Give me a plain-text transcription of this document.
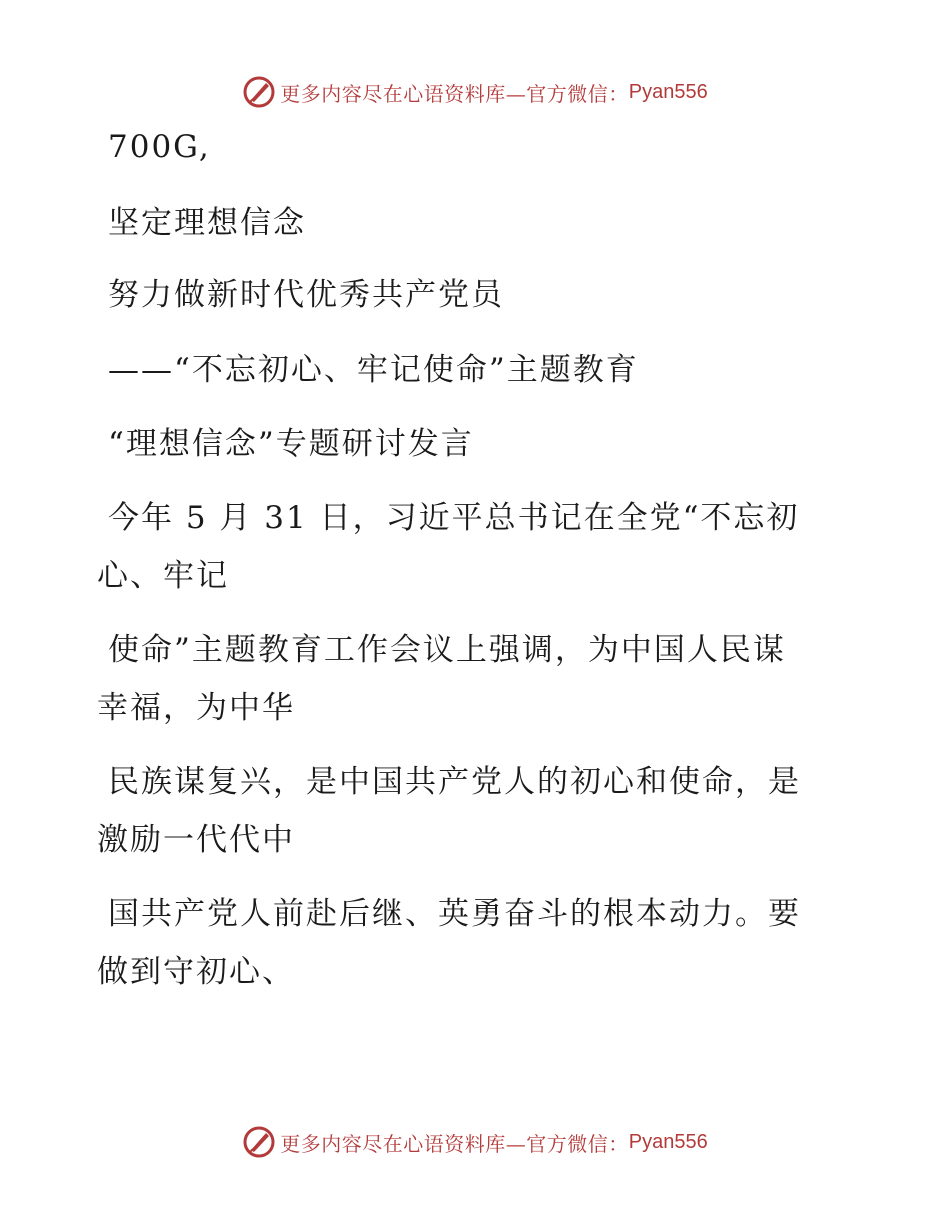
更多内容尽在心语资料库—官方微信： Pyan556
700G,
坚定理想信念
努力做新时代优秀共产党员
——“不忘初心、牢记使命”主题教育
“理想信念”专题研讨发言
今年 5 月 31 日，习近平总书记在全党“不忘初
心、牢记
使命”主题教育工作会议上强调，为中国人民谋
幸福，为中华
民族谋复兴，是中国共产党人的初心和使命，是
激励一代代中
国共产党人前赴后继、英勇奋斗的根本动力。要
做到守初心、
更多内容尽在心语资料库—官方微信： Pyan556
